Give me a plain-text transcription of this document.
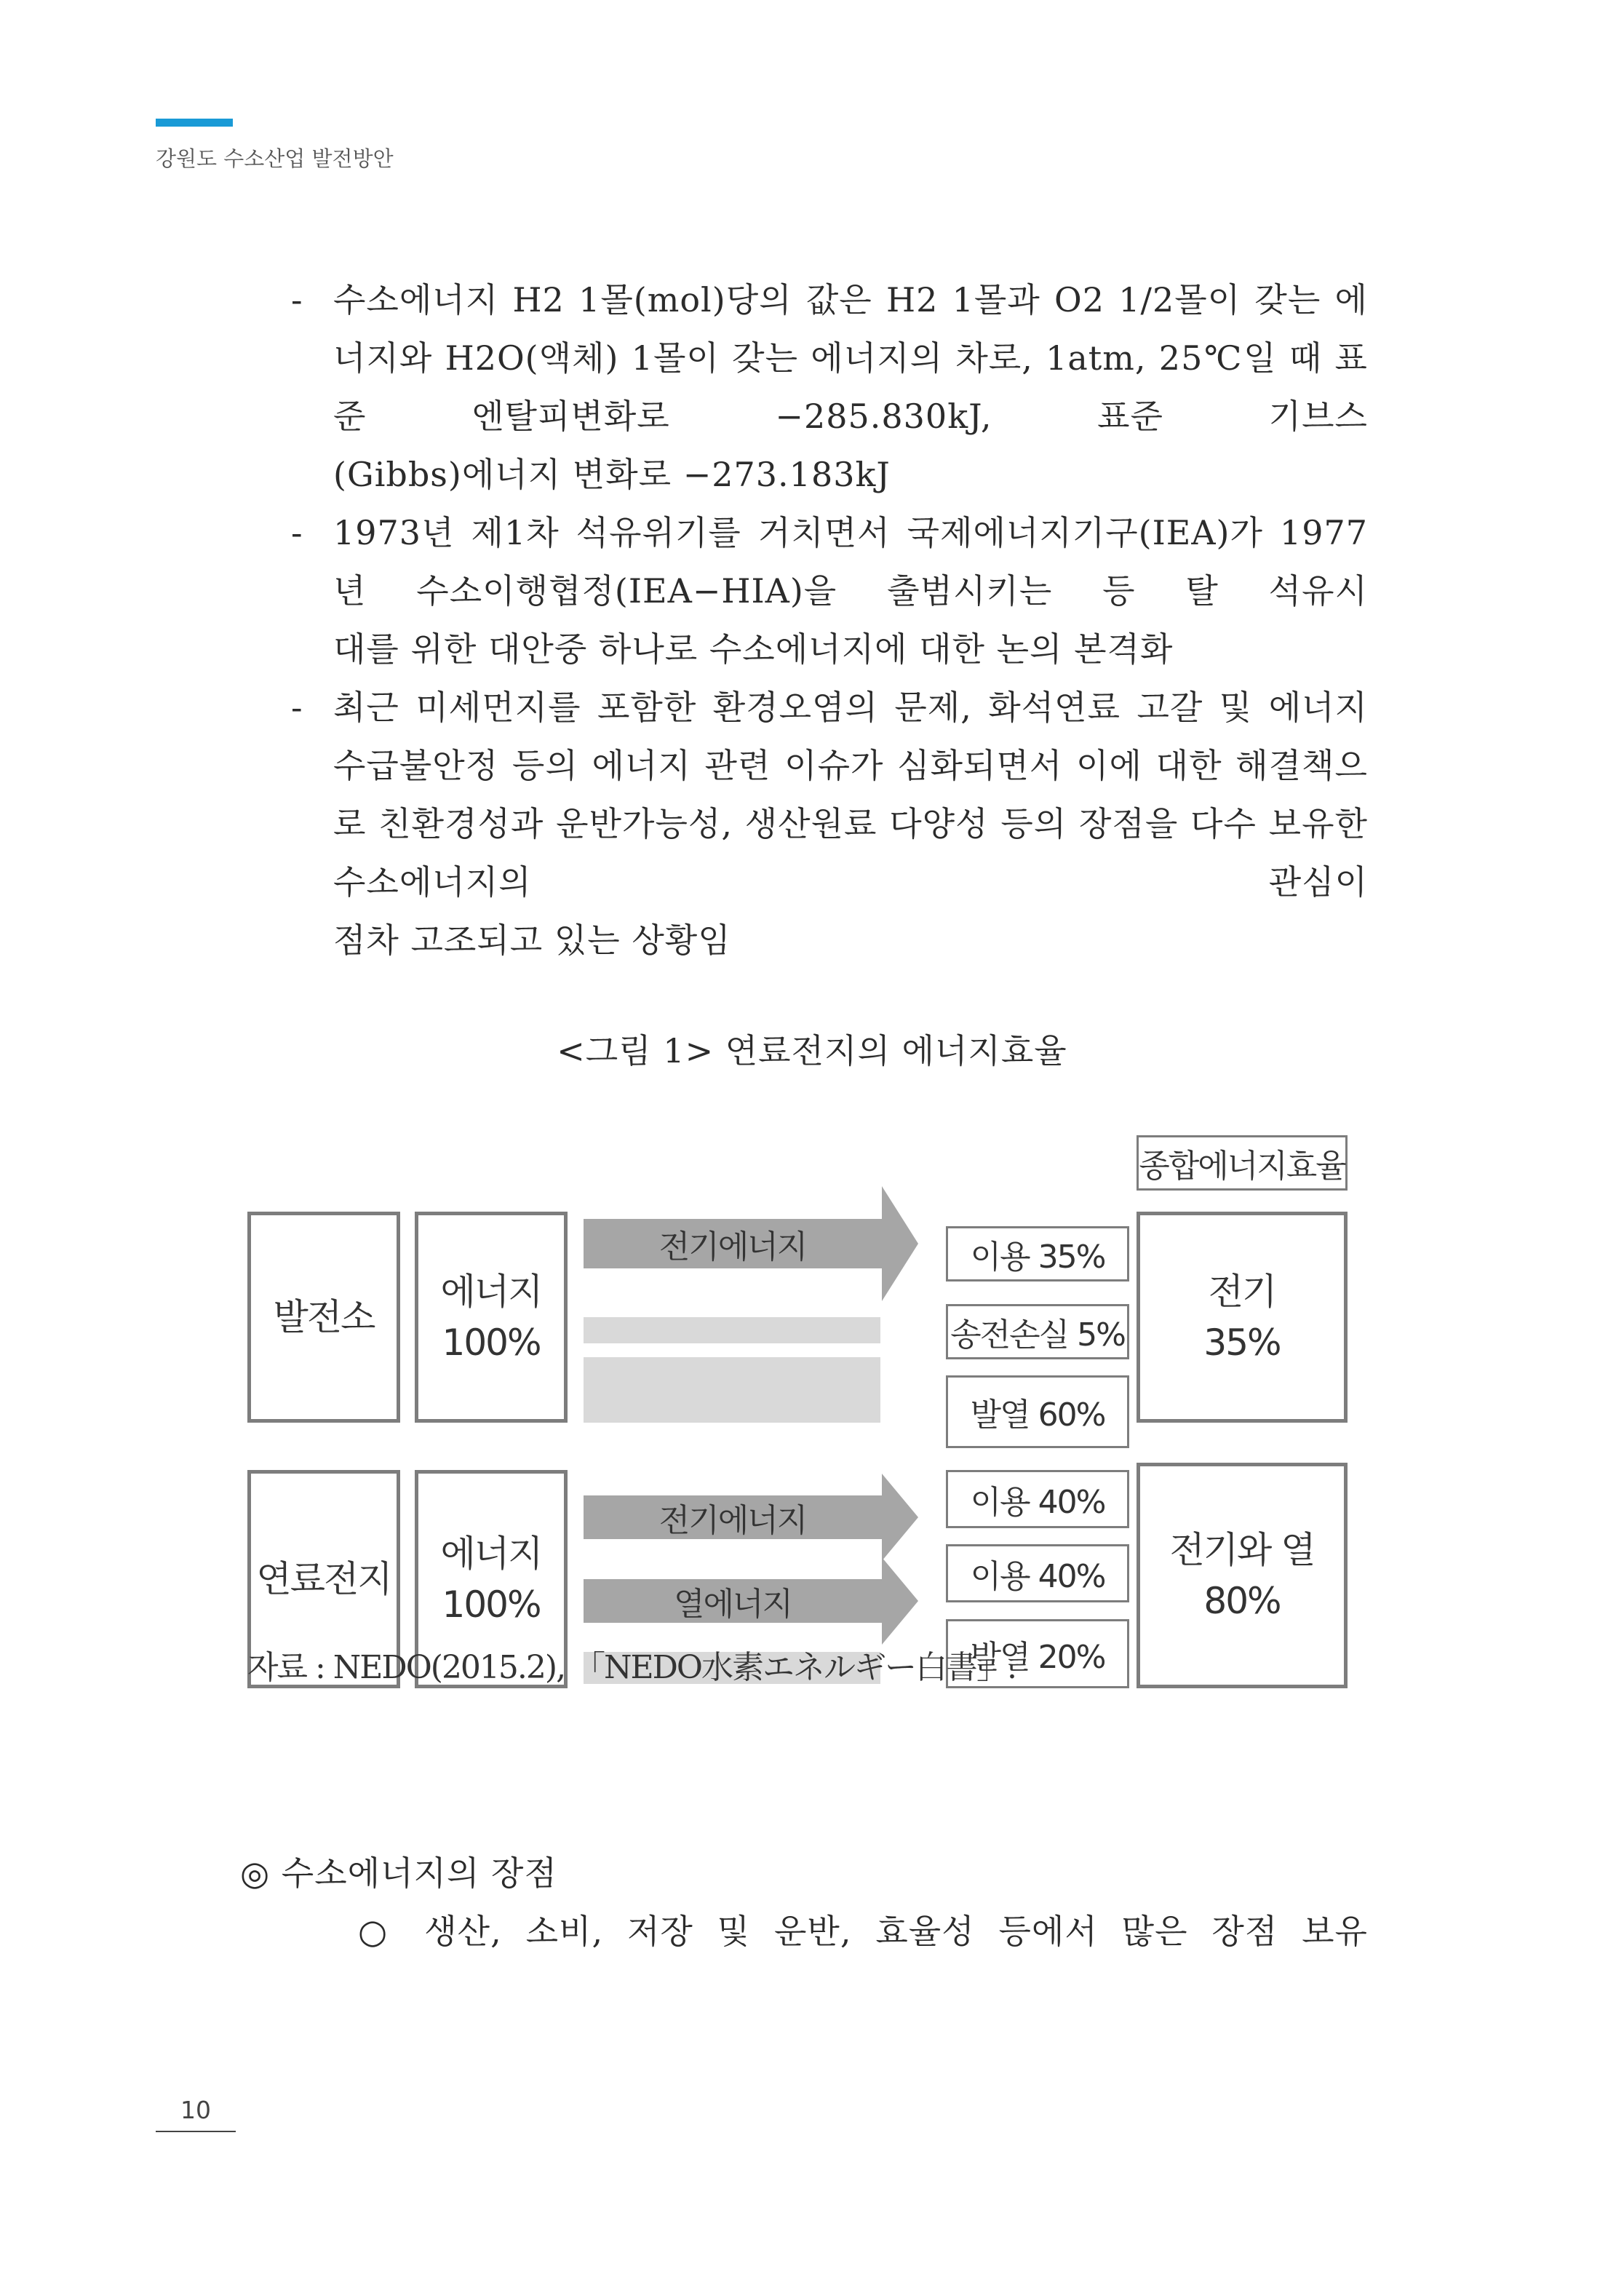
강원도 수소산업 발전방안
- 수소에너지 H2 1몰(mol)당의 값은 H2 1몰과 O2 1/2몰이 갖는 에너지와 H2O(액체) 1몰이 갖는 에너지의 차로, 1atm, 25℃일 때 표준 엔탈피변화로 −285.830kJ, 표준 기브스
(Gibbs)에너지 변화로 −273.183kJ
- 1973년 제1차 석유위기를 거치면서 국제에너지기구(IEA)가 1977년 수소이행협정(IEA−HIA)을 출범시키는 등 탈 석유시
대를 위한 대안중 하나로 수소에너지에 대한 논의 본격화
- 최근 미세먼지를 포함한 환경오염의 문제, 화석연료 고갈 및 에너지 수급불안정 등의 에너지 관련 이슈가 심화되면서 이에 대한 해결책으로 친환경성과 운반가능성, 생산원료 다양성 등의 장점을 다수 보유한 수소에너지의 관심이
점차 고조되고 있는 상황임
<그림 1> 연료전지의 에너지효율
종합에너지효율
발전소
에너지
100%
전기에너지	이용 35%
송전손실 5%
발열 60%
전기
35%
연료전지
에너지
100%
전기에너지
열에너지
이용 40%
이용 40%
발열 20%
전기와 열
80%
자료 : NEDO(2015.2), 「NEDO水素エネルギー白書」.
◎ 수소에너지의 장점
○ 생산, 소비, 저장 및 운반, 효율성 등에서 많은 장점 보유
10
